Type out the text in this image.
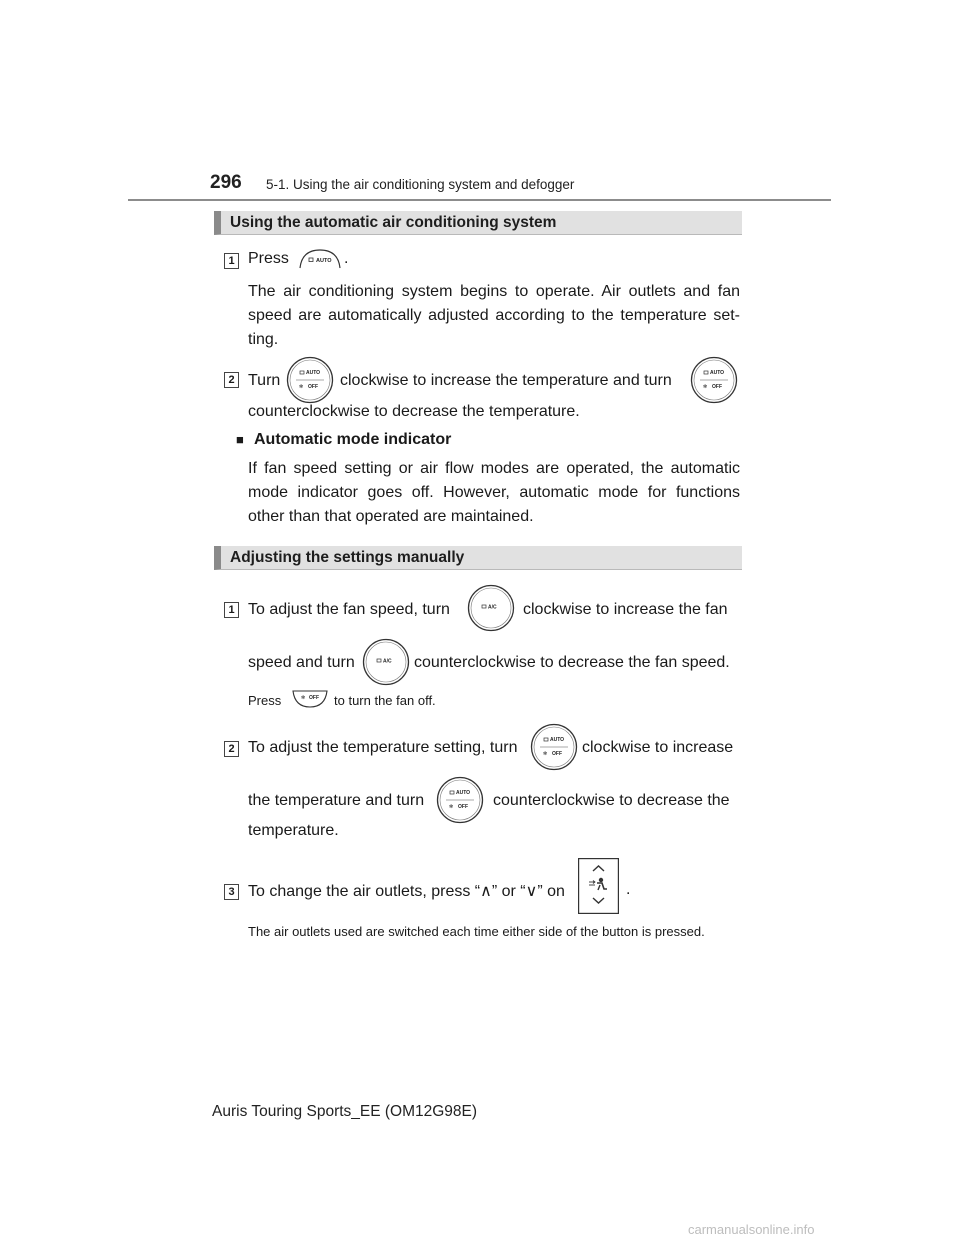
296 5-1. Using the air conditioning system and defogger
Using the automatic air conditioning system
1 Press	AUTO .
The air conditioning system begins to operate. Air outlets and fan speed are automatically adjusted according to the temperature set-ting.
2 Turn	AUTO
✻ OFF clockwise to increase the temperature and turn	AUTO
✻ OFF
counterclockwise to decrease the temperature.
■ Automatic mode indicator
If fan speed setting or air flow modes are operated, the automatic mode indicator goes off. However, automatic mode for functions other than that operated are maintained.
Adjusting the settings manually
1 To adjust the fan speed, turn	A/C clockwise to increase the fan
speed and turn	A/C counterclockwise to decrease the fan speed.
Press	✻ OFF to turn the fan off.
2 To adjust the temperature setting, turn	AUTO
✻ OFF clockwise to increase
the temperature and turn	AUTO
✻ OFF counterclockwise to decrease the
temperature.
3 To change the air outlets, press “∧” or “∨” on	.
The air outlets used are switched each time either side of the button is pressed.
Auris Touring Sports_EE (OM12G98E)
carmanualsonline.info
